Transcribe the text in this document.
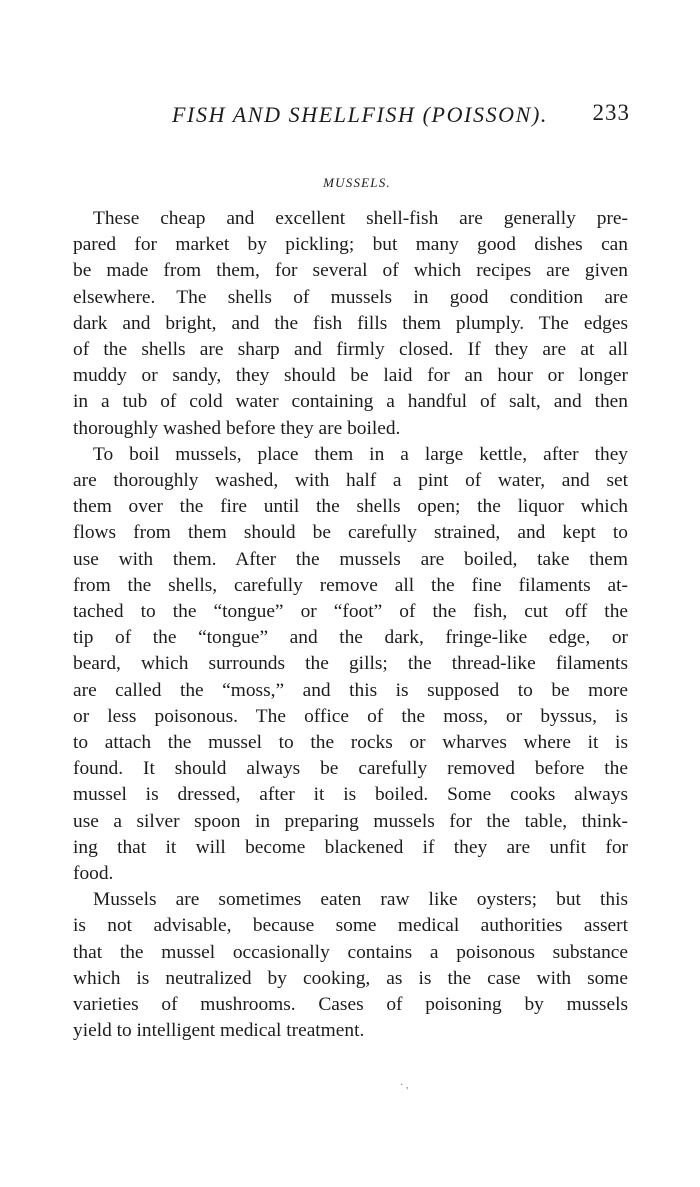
FISH AND SHELLFISH (POISSON). 233
MUSSELS.

These cheap and excellent shell-fish are generally pre-
pared for market by pickling; but many good dishes can
be made from them, for several of which recipes are given
elsewhere. The shells of mussels in good condition are
dark and bright, and the fish fills them plumply. The edges
of the shells are sharp and firmly closed. If they are at all
muddy or sandy, they should be laid for an hour or longer
in a tub of cold water containing a handful of salt, and then
thoroughly washed before they are boiled.

To boil mussels, place them in a large kettle, after they
are thoroughly washed, with half a pint of water, and set
them over the fire until the shells open; the liquor which
flows from them should be carefully strained, and kept to
use with them. After the mussels are boiled, take them
from the shells, carefully remove all the fine filaments at-
tached to the “tongue” or “foot” of the fish, cut off the
tip of the “tongue” and the dark, fringe-like edge, or
beard, which surrounds the gills; the thread-like filaments
are called the “moss,” and this is supposed to be more
or less poisonous. The office of the moss, or byssus, is
to attach the mussel to the rocks or wharves where it is
found. It should always be carefully removed before the
mussel is dressed, after it is boiled. Some cooks always
use a silver spoon in preparing mussels for the table, think-
ing that it will become blackened if they are unfit for
food.

Mussels are sometimes eaten raw like oysters; but this
is not advisable, because some medical authorities assert
that the mussel occasionally contains a poisonous substance
which is neutralized by cooking, as is the case with some
varieties of mushrooms. Cases of poisoning by mussels
yield to intelligent medical treatment.

· ,
